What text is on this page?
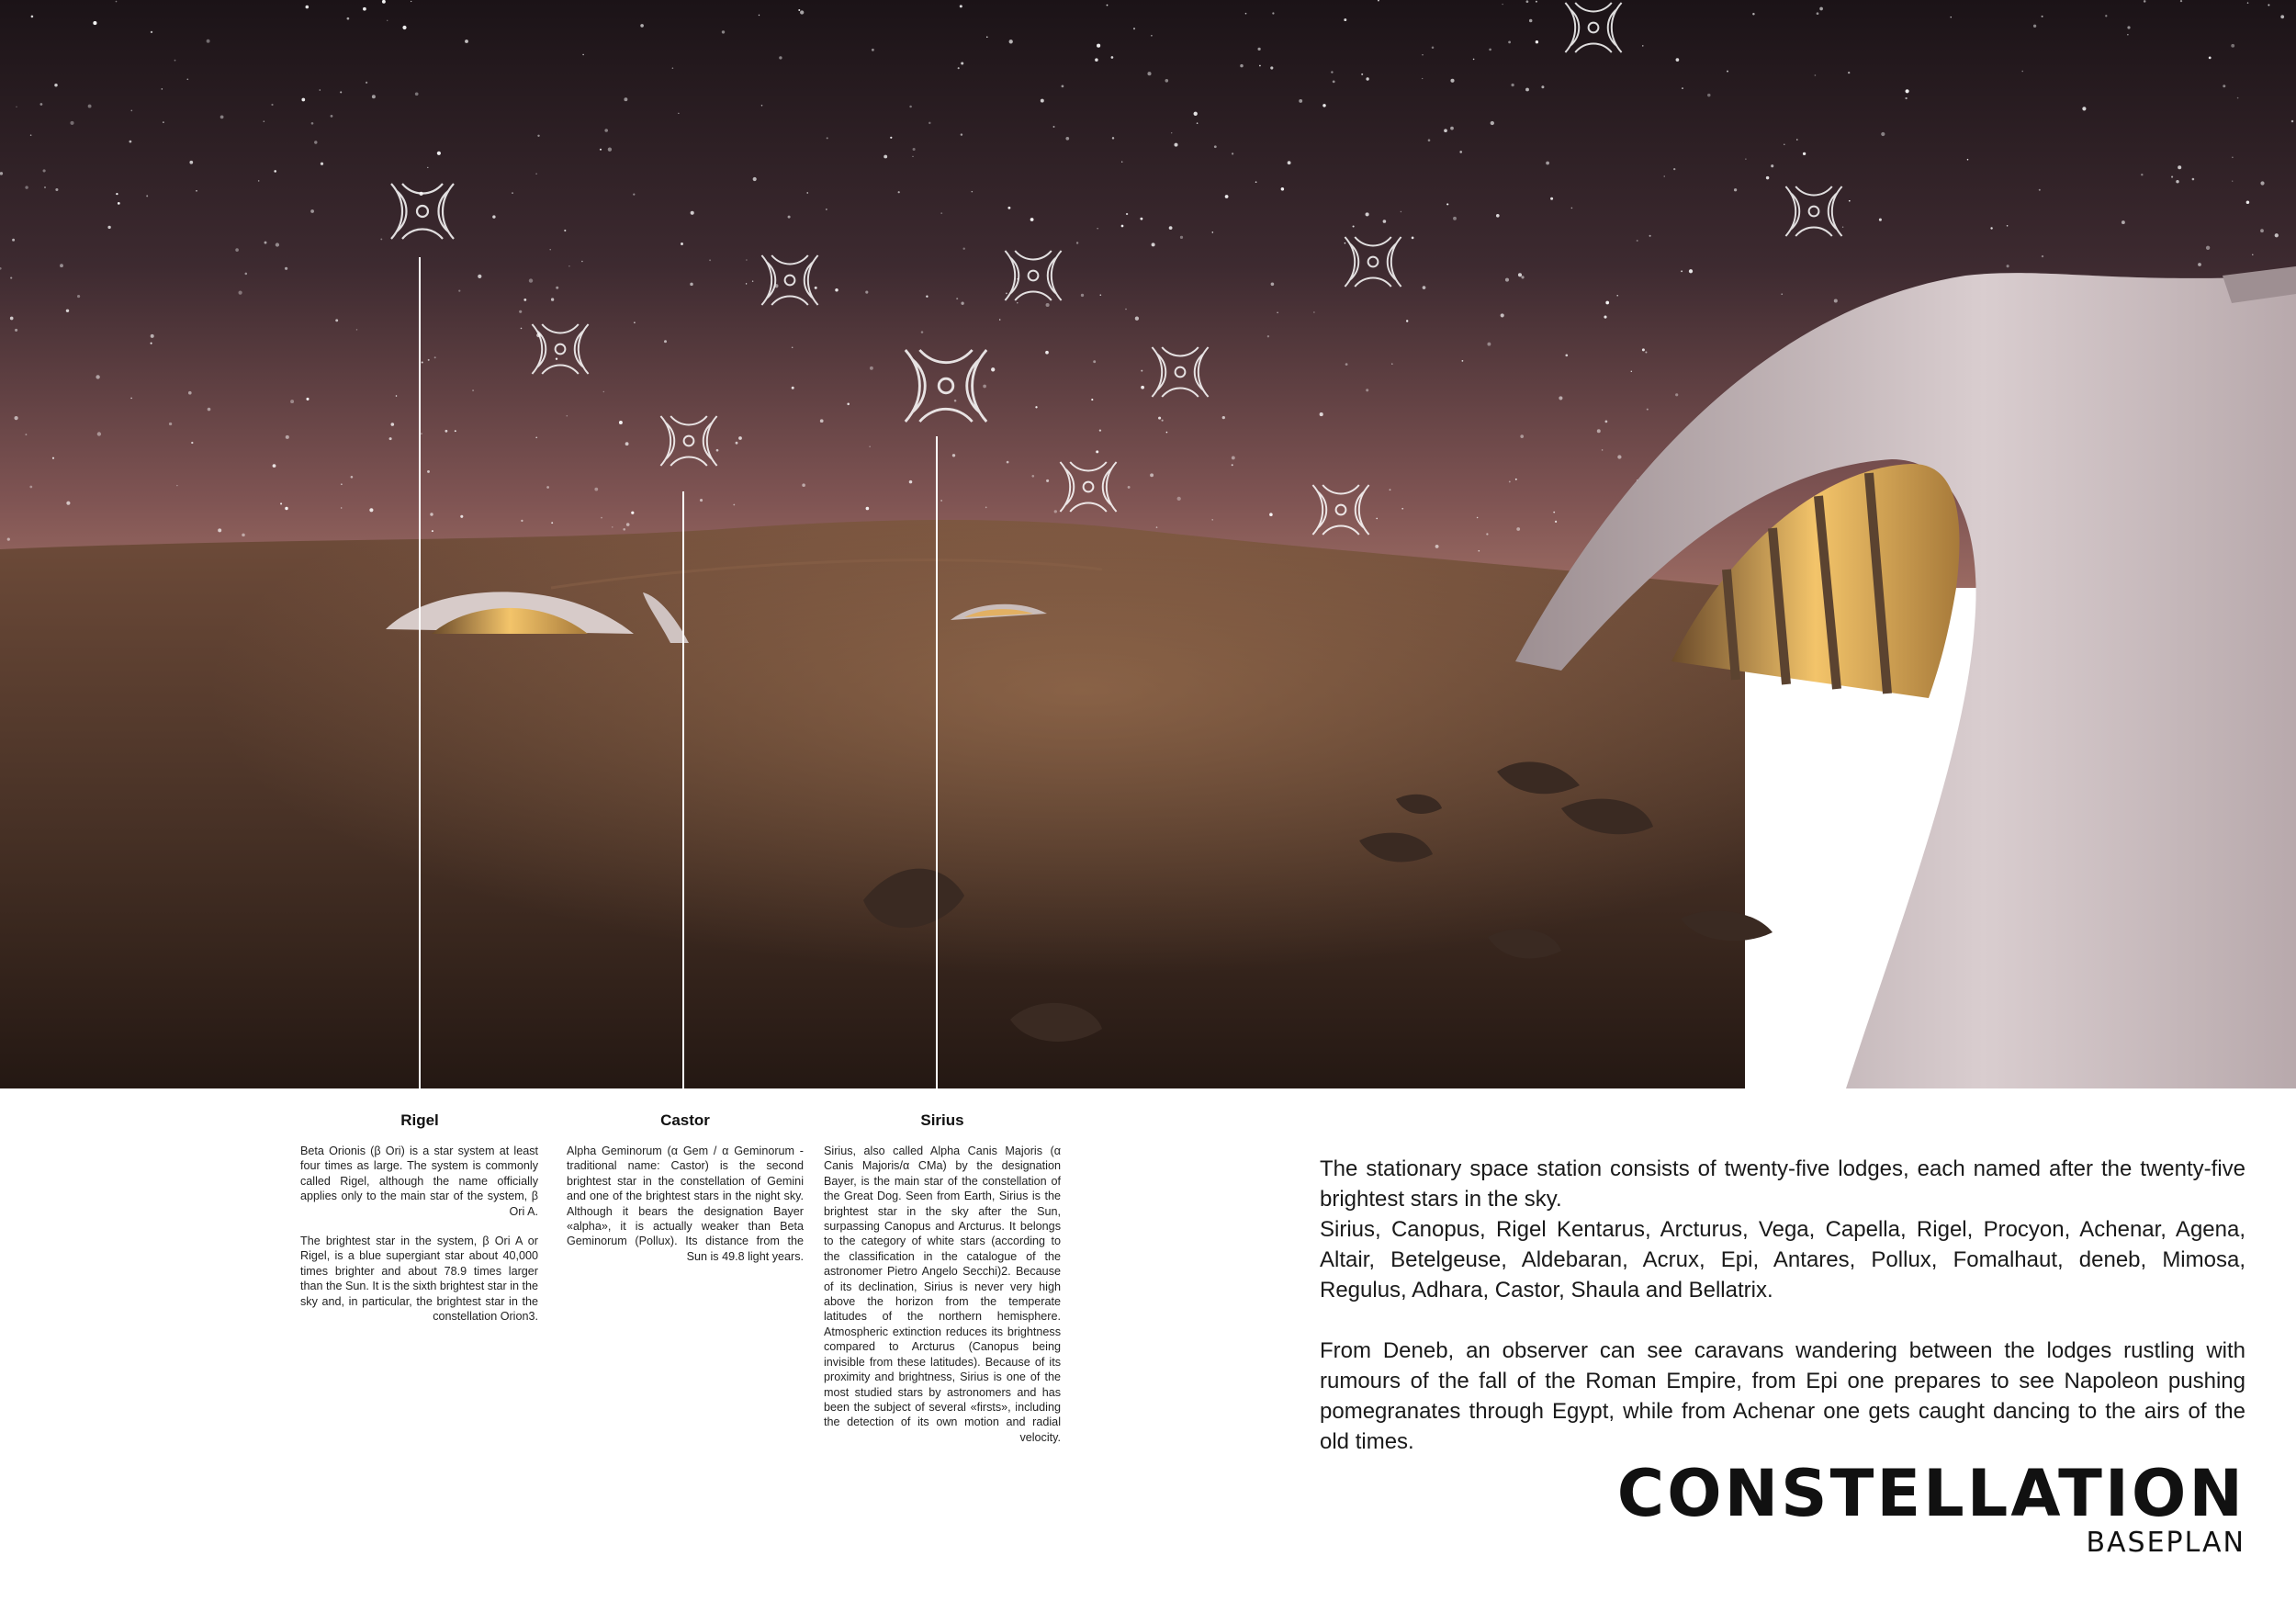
Rigel

Beta Orionis (β Ori) is a star system at least four times as large. The system is commonly called Rigel, although the name officially applies only to the main star of the system, β Ori A.

The brightest star in the system, β Ori A or Rigel, is a blue supergiant star about 40,000 times brighter and about 78.9 times larger than the Sun. It is the sixth brightest star in the sky and, in particular, the brightest star in the constellation Orion3.

Castor

Alpha Geminorum (α Gem / α Geminorum - traditional name: Castor) is the second brightest star in the constellation of Gemini and one of the brightest stars in the night sky. Although it bears the designation Bayer «alpha», it is actually weaker than Beta Geminorum (Pollux). Its distance from the Sun is 49.8 light years.

Sirius

Sirius, also called Alpha Canis Majoris (α Canis Majoris/α CMa) by the designation Bayer, is the main star of the constellation of the Great Dog. Seen from Earth, Sirius is the brightest star in the sky after the Sun, surpassing Canopus and Arcturus. It belongs to the category of white stars (according to the classification in the catalogue of the astronomer Pietro Angelo Secchi)2. Because of its declination, Sirius is never very high above the horizon from the temperate latitudes of the northern hemisphere. Atmospheric extinction reduces its brightness compared to Arcturus (Canopus being invisible from these latitudes). Because of its proximity and brightness, Sirius is one of the most studied stars by astronomers and has been the subject of several «firsts», including the detection of its own motion and radial velocity.

The stationary space station consists of twenty-five lodges, each named after the twenty-five brightest stars in the sky.

Sirius, Canopus, Rigel Kentarus, Arcturus, Vega, Capella, Rigel, Procyon, Achenar, Agena, Altair, Betelgeuse, Aldebaran, Acrux, Epi, Antares, Pollux, Fomalhaut, deneb, Mimosa, Regulus, Adhara, Castor, Shaula and Bellatrix.

From Deneb, an observer can see caravans wandering between the lodges rustling with rumours of the fall of the Roman Empire, from Epi one prepares to see Napoleon pushing pomegranates through Egypt, while from Achenar one gets caught dancing to the airs of the old times.

CONSTELLATION
BASEPLAN
